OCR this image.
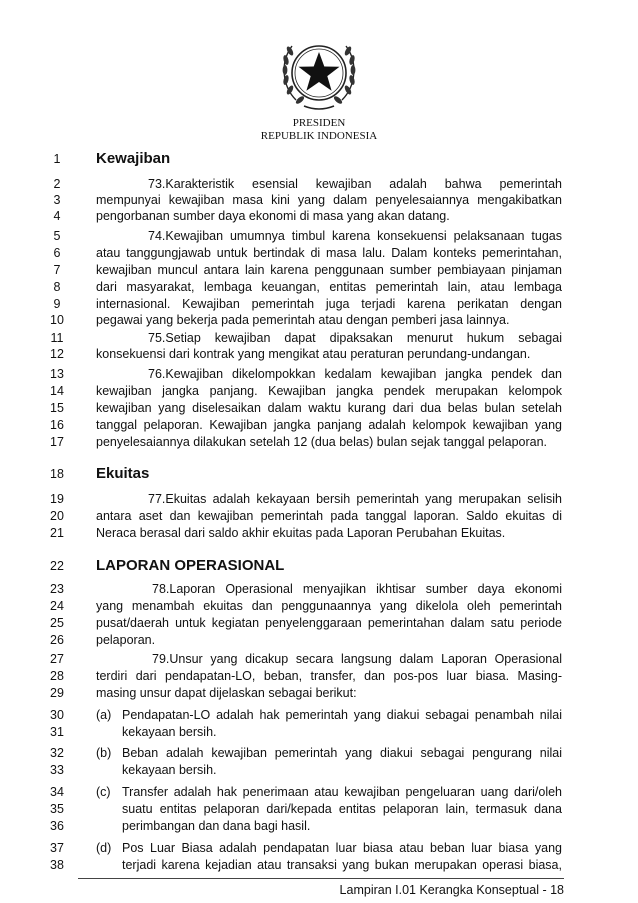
PRESIDEN
REPUBLIK INDONESIA
1
2
3
4
5
6
7
8
9
10
11
12
13
14
15
16
17
18
19
20
21
22
23
24
25
26
27
28
29
30
31
32
33
34
35
36
37
38
Kewajiban
Ekuitas
LAPORAN OPERASIONAL
73.Karakteristik esensial kewajiban adalah bahwa pemerintah
mempunyai kewajiban masa kini yang dalam penyelesaiannya mengakibatkan
pengorbanan sumber daya ekonomi di masa yang akan datang.
74.Kewajiban umumnya timbul karena konsekuensi pelaksanaan tugas
atau tanggungjawab untuk bertindak di masa lalu. Dalam konteks pemerintahan,
kewajiban muncul antara lain karena penggunaan sumber pembiayaan pinjaman
dari masyarakat, lembaga keuangan, entitas pemerintah lain, atau lembaga
internasional. Kewajiban pemerintah juga terjadi karena perikatan dengan
pegawai yang bekerja pada pemerintah atau dengan pemberi jasa lainnya.
75.Setiap kewajiban dapat dipaksakan menurut hukum sebagai
konsekuensi dari kontrak yang mengikat atau peraturan perundang-undangan.
76.Kewajiban dikelompokkan kedalam kewajiban jangka pendek dan
kewajiban jangka panjang. Kewajiban jangka pendek merupakan kelompok
kewajiban yang diselesaikan dalam waktu kurang dari dua belas bulan setelah
tanggal pelaporan. Kewajiban jangka panjang adalah kelompok kewajiban yang
penyelesaiannya dilakukan setelah 12 (dua belas) bulan sejak tanggal pelaporan.
77.Ekuitas adalah kekayaan bersih pemerintah yang merupakan selisih
antara aset dan kewajiban pemerintah pada tanggal laporan. Saldo ekuitas di
Neraca berasal dari saldo akhir ekuitas pada Laporan Perubahan Ekuitas.
78.Laporan Operasional menyajikan ikhtisar sumber daya ekonomi
yang menambah ekuitas dan penggunaannya yang dikelola oleh pemerintah
pusat/daerah untuk kegiatan penyelenggaraan pemerintahan dalam satu periode
pelaporan.
79.Unsur yang dicakup secara langsung dalam Laporan Operasional
terdiri dari pendapatan-LO, beban, transfer, dan pos-pos luar biasa. Masing-
masing unsur dapat dijelaskan sebagai berikut:
(a) Pendapatan-LO adalah hak pemerintah yang diakui sebagai penambah nilai
kekayaan bersih.
(b) Beban adalah kewajiban pemerintah yang diakui sebagai pengurang nilai
kekayaan bersih.
(c) Transfer adalah hak penerimaan atau kewajiban pengeluaran uang dari/oleh
suatu entitas pelaporan dari/kepada entitas pelaporan lain, termasuk dana
perimbangan dan dana bagi hasil.
(d) Pos Luar Biasa adalah pendapatan luar biasa atau beban luar biasa yang
terjadi karena kejadian atau transaksi yang bukan merupakan operasi biasa,
Lampiran I.01 Kerangka Konseptual - 18
